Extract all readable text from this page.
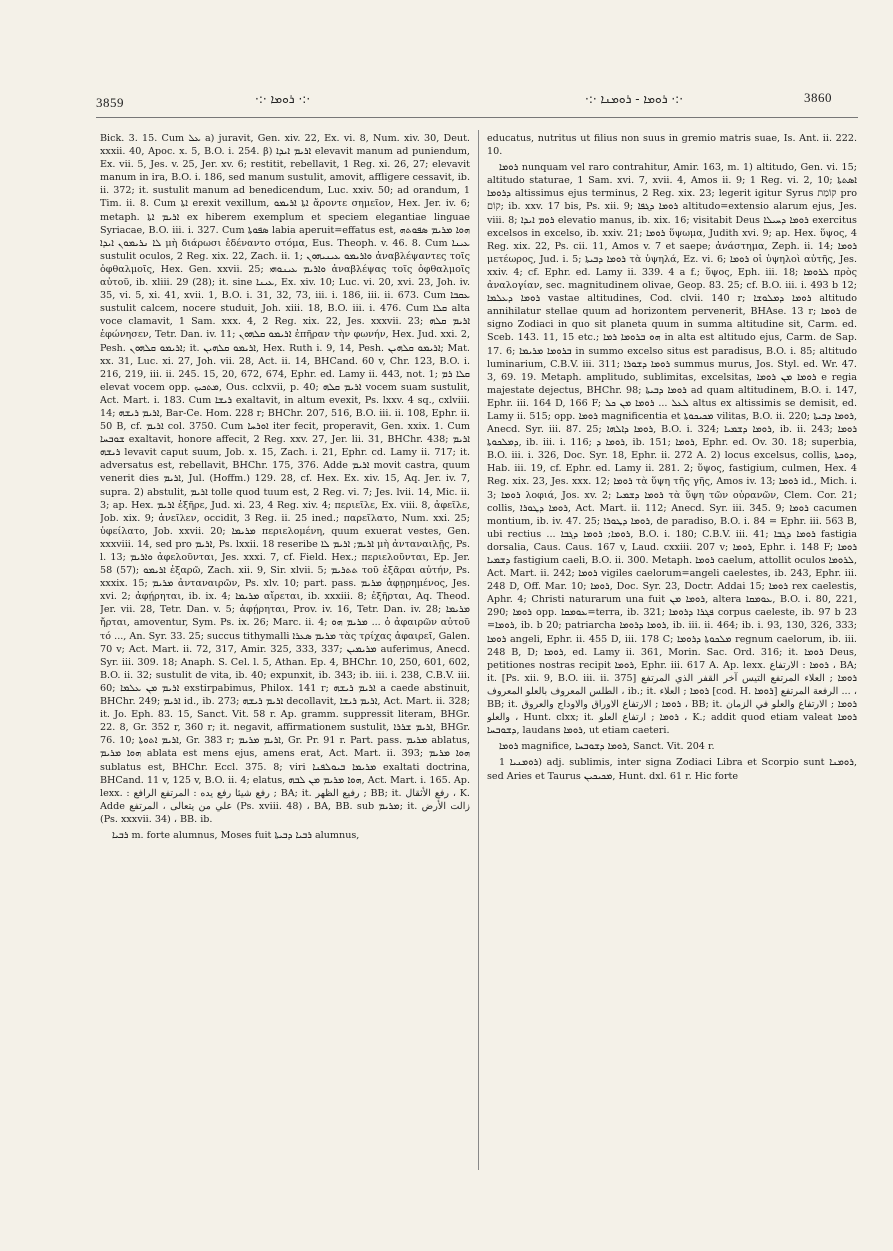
3859	·:· ܪܘܡܐ ·:·	·:· ܪܘܡܐ - ܪܘܡܢܐ ·:·	3860

Bick. 3. 15. Cum ܥܠ a) juravit, Gen. xiv. 22, Ex. vi. 8, Num. xiv. 30, Deut. xxxii. 40, Apoc. x. 5, B.O. i. 254. β) ܐܪܝܡ ܐܝܕܐ elevavit manum ad puniendum, Ex. vii. 5, Jes. v. 25, Jer. xv. 6; restitit, rebellavit, 1 Reg. xi. 26, 27; elevavit manum in ira, B.O. i. 186, sed manum sustulit, amovit, affligere cessavit, ib. ii. 372; it. sustulit manum ad benedicendum, Luc. xxiv. 50; ad orandum, 1 Tim. ii. 8. Cum ܐܬܐ erexit vexillum, ܐܬܐ ܐܪܝܡܘ ἄροντε σημεῖον, Hex. Jer. iv. 6; metaph. ܐܪܝܡ ܐܬܐ ex hiberem exemplum et speciem elegantiae linguae Syriacae, B.O. iii. i. 327. Cum ܣܦܘܬܐ labia aperuit=effatus est, ܗܘܐ ܡܪܝܡ ܣܦܘܬܗ ܠܐ ܢܪܝܡܘܢ ܐܝܕܐ μὴ διάρωσι ἐδέναντο στόμα, Eus. Theoph. v. 46. 8. Cum ܥܝܢܐ sustulit oculos, 2 Reg. xix. 22, Zach. ii. 1; ܘܐܪܝܡܘ ܥܝܢܝܗܘܢ ἀναβλέψαντες τοῖς ὀφθαλμοῖς, Hex. Gen. xxvii. 25; ܘܐܪܝܡ ܥܝܢܘܗܝ ἀναβλέψας τοῖς ὀφθαλμοῖς αὐτοῦ, ib. xliii. 29 (28); it. sine ܥܝܢܐ, Ex. xiv. 10; Luc. vi. 20, xvi. 23, Joh. iv. 35, vi. 5, xi. 41, xvii. 1, B.O. i. 31, 32, 73, iii. i. 186, iii. ii. 673. Cum ܥܩܒܐ sustulit calcem, nocere studuit, Joh. xiii. 18, B.O. iii. i. 476. Cum ܩܠܐ alta voce clamavit, 1 Sam. xxx. 4, 2 Reg. xix. 22, Jes. xxxvii. 23; ܐܪܝܡ ܩܠܗ ἐφώνησεν, Tetr. Dan. iv. 11; ܐܪܝܡܘ ܩܠܗܘܢ ἐπῆραν τὴν φωνήν, Hex. Jud. xxi. 2, Pesh. ܐܪܝܡܘ ܩܠܗܘܢ; it. ܐܪܝܡܘ ܩܠܗܝܢ, Hex. Ruth i. 9, 14, Pesh. ܐܪܝܡܘ ܩܠܗܝܢ; Mat. xx. 31, Luc. xi. 27, Joh. vii. 28, Act. ii. 14, BHCand. 60 v, Chr. 123, B.O. i. 216, 219, iii. ii. 245. 15, 20, 672, 674, Ephr. ed. Lamy ii. 443, not. 1; ܩܠܐ ܪܡ elevat vocem opp. ܡܬܟܝܟ, Ous. cclxvii, p. 40; ܐܪܝܡ ܩܠܗ vocem suam sustulit, Act. Mart. i. 183. Cum ܪܝܫܐ exaltavit, in altum evexit, Ps. lxxv. 4 sq., cxlviii. 14; ܐܪܝܡ ܪܝܫܗ, Bar-Ce. Hom. 228 r; BHChr. 207, 516, B.O. iii. ii. 108, Ephr. ii. 50 B, cf. ܐܪܝܡ col. 3750. Cum ܐܘܪܚܐ iter fecit, properavit, Gen. xxix. 1. Cum ܫܘܒܚܐ exaltavit, honore affecit, 2 Reg. xxv. 27, Jer. lii. 31, BHChr. 438; ܐܪܝܡ ܪܝܫܗ levavit caput suum, Job. x. 15, Zach. i. 21, Ephr. cd. Lamy ii. 717; it. adversatus est, rebellavit, BHChr. 175, 376. Adde ܐܪܝܡ movit castra, quum venerit dies ܐܪܝܡ, Jul. (Hoffm.) 129. 28, cf. Hex. Ex. xiv. 15, Aq. Jer. iv. 7, supra. 2) abstulit, ܐܪܝܡ tolle quod tuum est, 2 Reg. vi. 7; Jes. lvii. 14, Mic. ii. 3; ap. Hex. ܐܪܝܡ ἐξῆρε, Jud. xi. 23, 4 Reg. xiv. 4; περιεῖλε, Ex. viii. 8, ἀφεῖλε, Job. xix. 9; ἀνεῖλεν, occidit, 3 Reg. ii. 25 ined.; παρεῖλατο, Num. xxi. 25; ὑφείλατο, Job. xxvii. 20; ܡܪܝܡܐ περιελομένη, quum exuerat vestes, Gen. xxxviii. 14, sed pro ܐܪܝܡ, Ps. lxxii. 18 reseribe ܐܪܝܡ; ܐܪܝܡ ܠܐ μὴ ἀνταναιλῇς, Ps. l. 13; ܘܐܪܝܡ ἀφελοῦνται, Jes. xxxi. 7, cf. Field. Hex.; περιελοῦνται, Ep. Jer. 58 (57); ܐܪܝܡܘ ἐξαρῶ, Zach. xii. 9, Sir. xlvii. 5; ܬܬܪܝܡ τοῦ ἐξᾶραι αὐτήν, Ps. xxxix. 15; ܡܪܝܡ ἀνταναιρῶν, Ps. xlv. 10; part. pass. ܡܪܝܡ ἀφῃρημένος, Jes. xvi. 2; ἀφῄρηται, ib. ix. 4; ܡܪܝܡܐ αἴρεται, ib. xxxiii. 8; ἐξῆρται, Aq. Theod. Jer. vii. 28, Tetr. Dan. v. 5; ἀφῄρηται, Prov. iv. 16, Tetr. Dan. iv. 28; ܡܪܝܡܐ ἤρται, amoventur, Sym. Ps. ix. 26; Marc. ii. 4; ܡܪܝܡ ܗܘ ... ὁ ἀφαιρῶν αὐτοῦ τό ..., An. Syr. 33. 25; succus tithymalli ܡܪܝܡ ܣܥܪܐ τὰς τρίχας ἀφαιρεῖ, Galen. 70 v; Act. Mart. ii. 72, 317, Amir. 325, 333, 337; ܡܪܝܡܝܢ auferimus, Anecd. Syr. iii. 309. 18; Anaph. S. Cel. l. 5, Athan. Ep. 4, BHChr. 10, 250, 601, 602, B.O. ii. 32; sustulit de vita, ib. 40; expunxit, ib. 343; ib. iii. i. 238, C.B.V. iii. 60; ܐܪܝܡ ܡܢ ܥܠܡܐ exstirpabimus, Philox. 141 r; ܐܪܝܡ ܪܝܫܗ a caede abstinuit, BHChr. 249; ܐܪܝܡ id., ib. 273; ܐܪܝܡ ܪܝܫܗ decollavit, ܐܪܝܡ ܪܝܫܐ, Act. Mart. ii. 328; it. Jo. Eph. 83. 15, Sanct. Vit. 58 r. Ap. gramm. suppressit literam, BHGr. 22. 8, Gr. 352 r, 360 r; it. negavit, affirmationem sustulit, ܐܪܝܡ ܫܪܪܐ, BHGr. 76. 10; ܐܪܝܡ ܐܬܘܬܐ, Gr. 383 r; ܐܪܝܡ ܡܪܝܡ, Gr. Pr. 91 r. Part. pass. ܡܪܝܡ ablatus, ܗܘܐ ܡܪܝܡ ablata est mens ejus, amens erat, Act. Mart. ii. 393; ܗܘܐ ܡܪܝܡ sublatus est, BHChr. Eccl. 375. 8; viri ܡܪܝܡܐ ܒܝܘܠܦܢܐ exaltati doctrina, BHCand. 11 v, 125 v, B.O. ii. 4; elatus, ܗܘܐ ܡܪܝܡ ܡܢ ܠܒܗ, Act. Mart. i. 165. Ap. lexx. : رفع شيئا رفع يده : المرتفع الرافع ; BA; it. رفيع الظهر ; BB; it. رفع الأثقال ، K. Adde علي من يتعالى ، المرتفع (Ps. xviii. 48) ، BA, BB. sub ܡܪܝܡ; it. زالت الأرض (Ps. xxxvii. 34) ، BB. ib.

ܪܒܝܐ m. forte alumnus, Moses fuit ܪܒܝܐ ܕܒܝܬܐ alumnus,

educatus, nutritus ut filius non suus in gremio matris suae, Is. Ant. ii. 222. 10.

ܪܘܡܐ nunquam vel raro contrahitur, Amir. 163, m. 1) altitudo, Gen. vi. 15; altitudo staturae, 1 Sam. xvi. 7, xvii. 4, Amos ii. 9; 1 Reg. vi. 2, 10; ܐܣܬܬܐ ܕܪܘܡܐ altissimus ejus terminus, 2 Reg. xix. 23; legerit igitur Syrus קוֹמַת pro קוֹם; ib. xxv. 17 bis, Ps. xii. 9; ܪܘܡܐ ܕܓܦܐ altitudo=extensio alarum ejus, Jes. viii. 8; ܪܘܡ ܐܝܕܐ elevatio manus, ib. xix. 16; visitabit Deus ܪܘܡܐ ܕܚܝܠܐ exercitus excelsos in excelso, ib. xxiv. 21; ܪܘܡܐ ὕψωμα, Judith xvi. 9; ap. Hex. ὕψος, 4 Reg. xix. 22, Ps. cii. 11, Amos v. 7 et saepe; ἀνάστημα, Zeph. ii. 14; ܪܘܡܐ μετέωρος, Jud. i. 5; ܪܘܡܐ ܕܒܝܬܐ τὰ ὑψηλά, Ez. vi. 6; ܪܘܡܐ οἱ ὑψηλοὶ αὐτῆς, Jes. xxiv. 4; cf. Ephr. ed. Lamy ii. 339. 4 a f.; ὕψος, Eph. iii. 18; ܠܪܘܡܐ πρὸς ἀναλογίαν, sec. magnitudinem olivae, Geop. 83. 25; cf. B.O. iii. i. 493 b 12; ܪܘܡܐ ܕܥܠܡܐ vastae altitudines, Cod. clvii. 140 r; ܪܘܡܐ ܕܡܠܘܫܐ altitudo annihilatur stellae quum ad horizontem pervenerit, BHAse. 13 r; ܪܘܡܐ de signo Zodiaci in quo sit planeta quum in summa altitudine sit, Carm. ed. Sceb. 143. 11, 15 etc.; ܗܘ ܒܪܘܡܐ ܪܡܐ in alta est altitudo ejus, Carm. de Sap. 17. 6; ܒܪܘܡܐ ܡܪܝܡܐ in summo excelso situs est paradisus, B.O. i. 85; altitudo luminarium, C.B.V. iii. 311; ܪܘܡܐ ܕܫܘܪܐ summus murus, Jos. Styl. ed. Wr. 47. 3, 69. 19. Metaph. amplitudo, sublimitas, excelsitas, ܪܘܡܐ ܡܢ ܪܘܡܐ e regia majestate dejectus, BHChr. 98; ܪܘܡܐ ܕܒܝܬܐ ad quam altitudinem, B.O. i. 147, Ephr. iii. 164 D, 166 F; ܠܥܠ ... ܪܘܡܐ ܡܢ ܟܠ altus ex altissimis se demisit, ed. Lamy ii. 515; opp. ܪܘܡܐ magnificentia et ܡܟܝܟܘܬܐ vilitas, B.O. ii. 220; ܪܘܡܐ ܕܒܝܬܐ, Anecd. Syr. iii. 87. 25; ܪܘܡܐ ܕܐܠܗܐ, B.O. i. 324; ܪܘܡܐ ܕܫܡܝܐ, ib. ii. 243; ܪܘܡܐ ܕܡܠܟܘܬܐ, ib. iii. i. 116; ܪܘܡܐ ܕ, ib. 151; ܪܘܡܐ, Ephr. ed. Ov. 30. 18; superbia, B.O. iii. i. 326, Doc. Syr. 18, Ephr. ii. 272 A. 2) locus excelsus, collis, ܕܘܟܬܐ, Hab. iii. 19, cf. Ephr. ed. Lamy ii. 281. 2; ὕψος, fastigium, culmen, Hex. 4 Reg. xix. 23, Jes. xxx. 12; ܪܘܡܐ τὰ ὕψη τῆς γῆς, Amos iv. 13; ܪܘܡܐ id., Mich. i. 3; ܪܘܡܐ λοφιά, Jos. xv. 2; ܪܘܡܐ ܕܫܡܝܐ τὰ ὕψη τῶν οὐρανῶν, Clem. Cor. 21; collis, ܪܘܡܐ ܕܛܘܪܐ, Act. Mart. ii. 112; Anecd. Syr. iii. 345. 9; ܪܘܡܐ cacumen montium, ib. iv. 47. 25; ܪܘܡܐ ܕܛܘܪܐ, de paradiso, B.O. i. 84 = Ephr. iii. 563 B, ubi rectius ... ܪܘܡܐ; ܪܘܡܐ ܕܓܒܐ, B.O. i. 180; C.B.V. iii. 41; ܪܘܡܐ ܕܓܒܐ fastigia dorsalia, Caus. Caus. 167 v, Laud. cxxiii. 207 v; ܪܘܡܐ, Ephr. i. 148 F; ܪܘܡܐ ܕܫܡܝܐ fastigium caeli, B.O. ii. 300. Metaph. ܪܘܡܐ caelum, attollit oculos ܠܪܘܡܐ, Act. Mart. ii. 242; ܪܘܡܐ vigiles caelorum=angeli caelestes, ib. 243, Ephr. iii. 248 D, Off. Mar. 10; ܪܘܡܐ, Doc. Syr. 23, Doctr. Addai 15; ܪܘܡܐ rex caelestis, Aphr. 4; Christi naturarum una fuit ܪܘܡܐ ܡܢ, altera ܥܘܡܩܐ, B.O. i. 80, 221, 290; ܪܘܡܐ opp. ܥܘܡܩܐ=terra, ib. 321; ܦܓܪܐ ܕܪܘܡܐ corpus caeleste, ib. 97 b 23 =ܪܘܡܐ, ib. b 20; patriarcha ܪܘܡܐ ܕܪܘܡܐ, ib. iii. ii. 464; ib. i. 93, 130, 326, 333; ܪܘܡܐ angeli, Ephr. ii. 455 D, iii. 178 C; ܡܠܟܘܬܐ ܕܪܘܡܐ regnum caelorum, ib. iii. 248 B, D; ܪܘܡܐ, ed. Lamy ii. 361, Morin. Sac. Ord. 316; it. ܪܘܡܐ Deus, petitiones nostras recipit ܪܘܡܐ, Ephr. iii. 617 A. Ap. lexx. ܪܘܡܐ : الارتفاع ، BA; it. [Ps. xii. 9, B.O. iii. ii. 375] ܪܘܡܐ ; العلاء المرتفع التيس آخر القفر الذي المرتفع الطلس المعروف بالعلو المعروف ، ib.; it. ܪܘܡܐ ; العلاء [cod. H. ܪܘܡܐ] الرفعة المرتفع ... ، BB; it. ܪܘܡܐ ; الارتفاع الاوراق والاوداج والعروق ، BB; it. ܪܘܡܐ ; الارتفاع والعلو في الزمان والعلو ، Hunt. clxx; it. ܪܘܡܐ ; ارتفاع العلو ، K.; addit quod etiam valeat ܪܘܡܐ ܕܫܘܒܚܐ, laudans ܪܘܡܐ, ut etiam caeteri.

ܪܘܡܐ magnifice, ܪܘܡܐ ܕܫܘܒܚܐ, Sanct. Vit. 204 r.

ܪܘܡܢܝܐ 1) adj. sublimis, inter signa Zodiaci Libra et Scorpio sunt ܪܘܡܢܐ, sed Aries et Taurus ܡܟܝܟܝܢ, Hunt. dxl. 61 r. Hic forte
